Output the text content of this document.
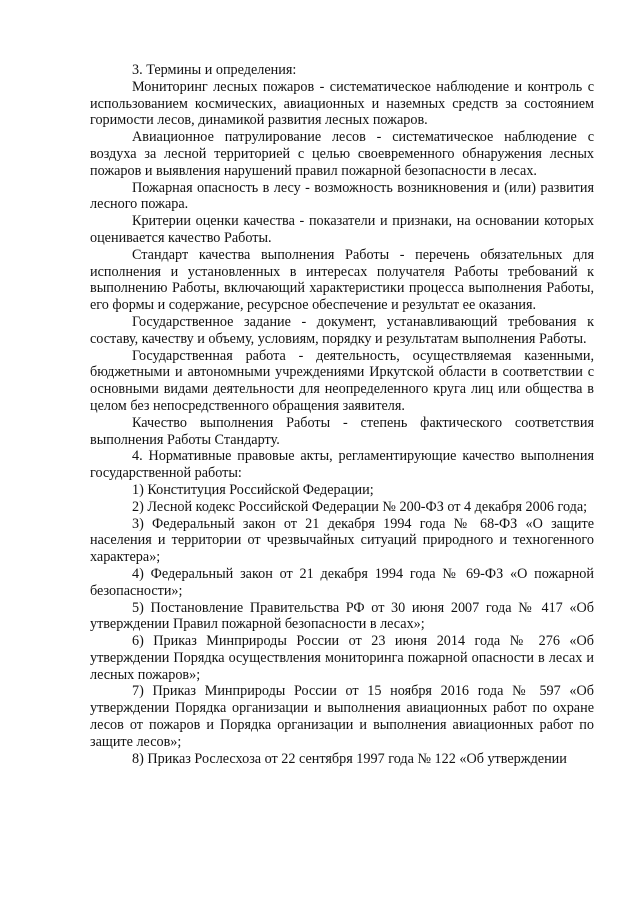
3. Термины и определения:

Мониторинг лесных пожаров - систематическое наблюдение и контроль с использованием космических, авиационных и наземных средств за состоянием горимости лесов, динамикой развития лесных пожаров.

Авиационное патрулирование лесов - систематическое наблюдение с воздуха за лесной территорией с целью своевременного обнаружения лесных пожаров и выявления нарушений правил пожарной безопасности в лесах.

Пожарная опасность в лесу - возможность возникновения и (или) развития лесного пожара.

Критерии оценки качества - показатели и признаки, на основании которых оценивается качество Работы.

Стандарт качества выполнения Работы - перечень обязательных для исполнения и установленных в интересах получателя Работы требований к выполнению Работы, включающий характеристики процесса выполнения Работы, его формы и содержание, ресурсное обеспечение и результат ее оказания.

Государственное задание - документ, устанавливающий требования к составу, качеству и объему, условиям, порядку и результатам выполнения Работы.

Государственная работа - деятельность, осуществляемая казенными, бюджетными и автономными учреждениями Иркутской области в соответствии с основными видами деятельности для неопределенного круга лиц или общества в целом без непосредственного обращения заявителя.

Качество выполнения Работы - степень фактического соответствия выполнения Работы Стандарту.

4. Нормативные правовые акты, регламентирующие качество выполнения государственной работы:

1) Конституция Российской Федерации;

2) Лесной кодекс Российской Федерации № 200-ФЗ от 4 декабря 2006 года;

3) Федеральный закон от 21 декабря 1994 года № 68-ФЗ «О защите населения и территории от чрезвычайных ситуаций природного и техногенного характера»;

4) Федеральный закон от 21 декабря 1994 года № 69-ФЗ «О пожарной безопасности»;

5) Постановление Правительства РФ от 30 июня 2007 года № 417 «Об утверждении Правил пожарной безопасности в лесах»;

6) Приказ Минприроды России от 23 июня 2014 года № 276 «Об утверждении Порядка осуществления мониторинга пожарной опасности в лесах и лесных пожаров»;

7) Приказ Минприроды России от 15 ноября 2016 года № 597 «Об утверждении Порядка организации и выполнения авиационных работ по охране лесов от пожаров и Порядка организации и выполнения авиационных работ по защите лесов»;

8) Приказ Рослесхоза от 22 сентября 1997 года № 122 «Об утверждении
